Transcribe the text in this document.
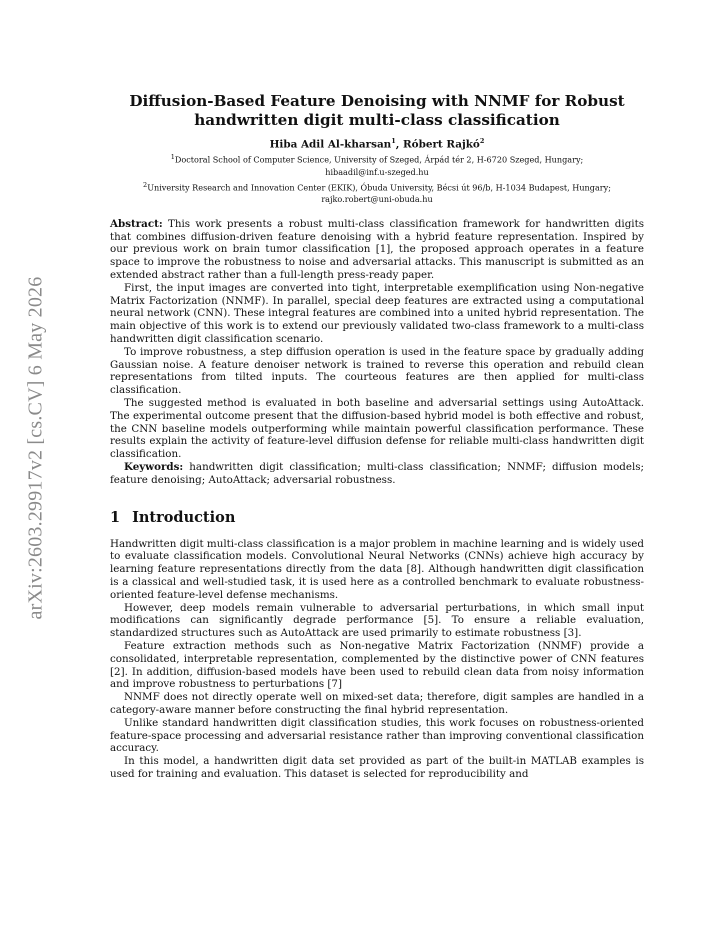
arXiv:2603.29917v2 [cs.CV] 6 May 2026
Diffusion-Based Feature Denoising with NNMF for Robust
handwritten digit multi-class classification
Hiba Adil Al-kharsan$^1$, Róbert Rajkó$^2$
$^1$Doctoral School of Computer Science, University of Szeged, Árpád tér 2, H-6720 Szeged, Hungary;
hibaadil@inf.u-szeged.hu
$^2$University Research and Innovation Center (EKIK), Óbuda University, Bécsi út 96/b, H-1034 Budapest, Hungary;
rajko.robert@uni-obuda.hu

Abstract: This work presents a robust multi-class classification framework for handwritten digits that combines diffusion-driven feature denoising with a hybrid feature representation. Inspired by our previous work on brain tumor classification [1], the proposed approach operates in a feature space to improve the robustness to noise and adversarial attacks. This manuscript is submitted as an extended abstract rather than a full-length press-ready paper.

First, the input images are converted into tight, interpretable exemplification using Non-negative Matrix Factorization (NNMF). In parallel, special deep features are extracted using a computational neural network (CNN). These integral features are combined into a united hybrid representation. The main objective of this work is to extend our previously validated two-class framework to a multi-class handwritten digit classification scenario.

To improve robustness, a step diffusion operation is used in the feature space by gradually adding Gaussian noise. A feature denoiser network is trained to reverse this operation and rebuild clean representations from tilted inputs. The courteous features are then applied for multi-class classification.

The suggested method is evaluated in both baseline and adversarial settings using AutoAttack. The experimental outcome present that the diffusion-based hybrid model is both effective and robust, the CNN baseline models outperforming while maintain powerful classification performance. These results explain the activity of feature-level diffusion defense for reliable multi-class handwritten digit classification.

Keywords: handwritten digit classification; multi-class classification; NNMF; diffusion models; feature denoising; AutoAttack; adversarial robustness.

1 Introduction

Handwritten digit multi-class classification is a major problem in machine learning and is widely used to evaluate classification models. Convolutional Neural Networks (CNNs) achieve high accuracy by learning feature representations directly from the data [8]. Although handwritten digit classification is a classical and well-studied task, it is used here as a controlled benchmark to evaluate robustness-oriented feature-level defense mechanisms.

However, deep models remain vulnerable to adversarial perturbations, in which small input modifications can significantly degrade performance [5]. To ensure a reliable evaluation, standardized structures such as AutoAttack are used primarily to estimate robustness [3].

Feature extraction methods such as Non-negative Matrix Factorization (NNMF) provide a consolidated, interpretable representation, complemented by the distinctive power of CNN features [2]. In addition, diffusion-based models have been used to rebuild clean data from noisy information and improve robustness to perturbations [7]

NNMF does not directly operate well on mixed-set data; therefore, digit samples are handled in a category-aware manner before constructing the final hybrid representation.

Unlike standard handwritten digit classification studies, this work focuses on robustness-oriented feature-space processing and adversarial resistance rather than improving conventional classification accuracy.

In this model, a handwritten digit data set provided as part of the built-in MATLAB examples is used for training and evaluation. This dataset is selected for reproducibility and
